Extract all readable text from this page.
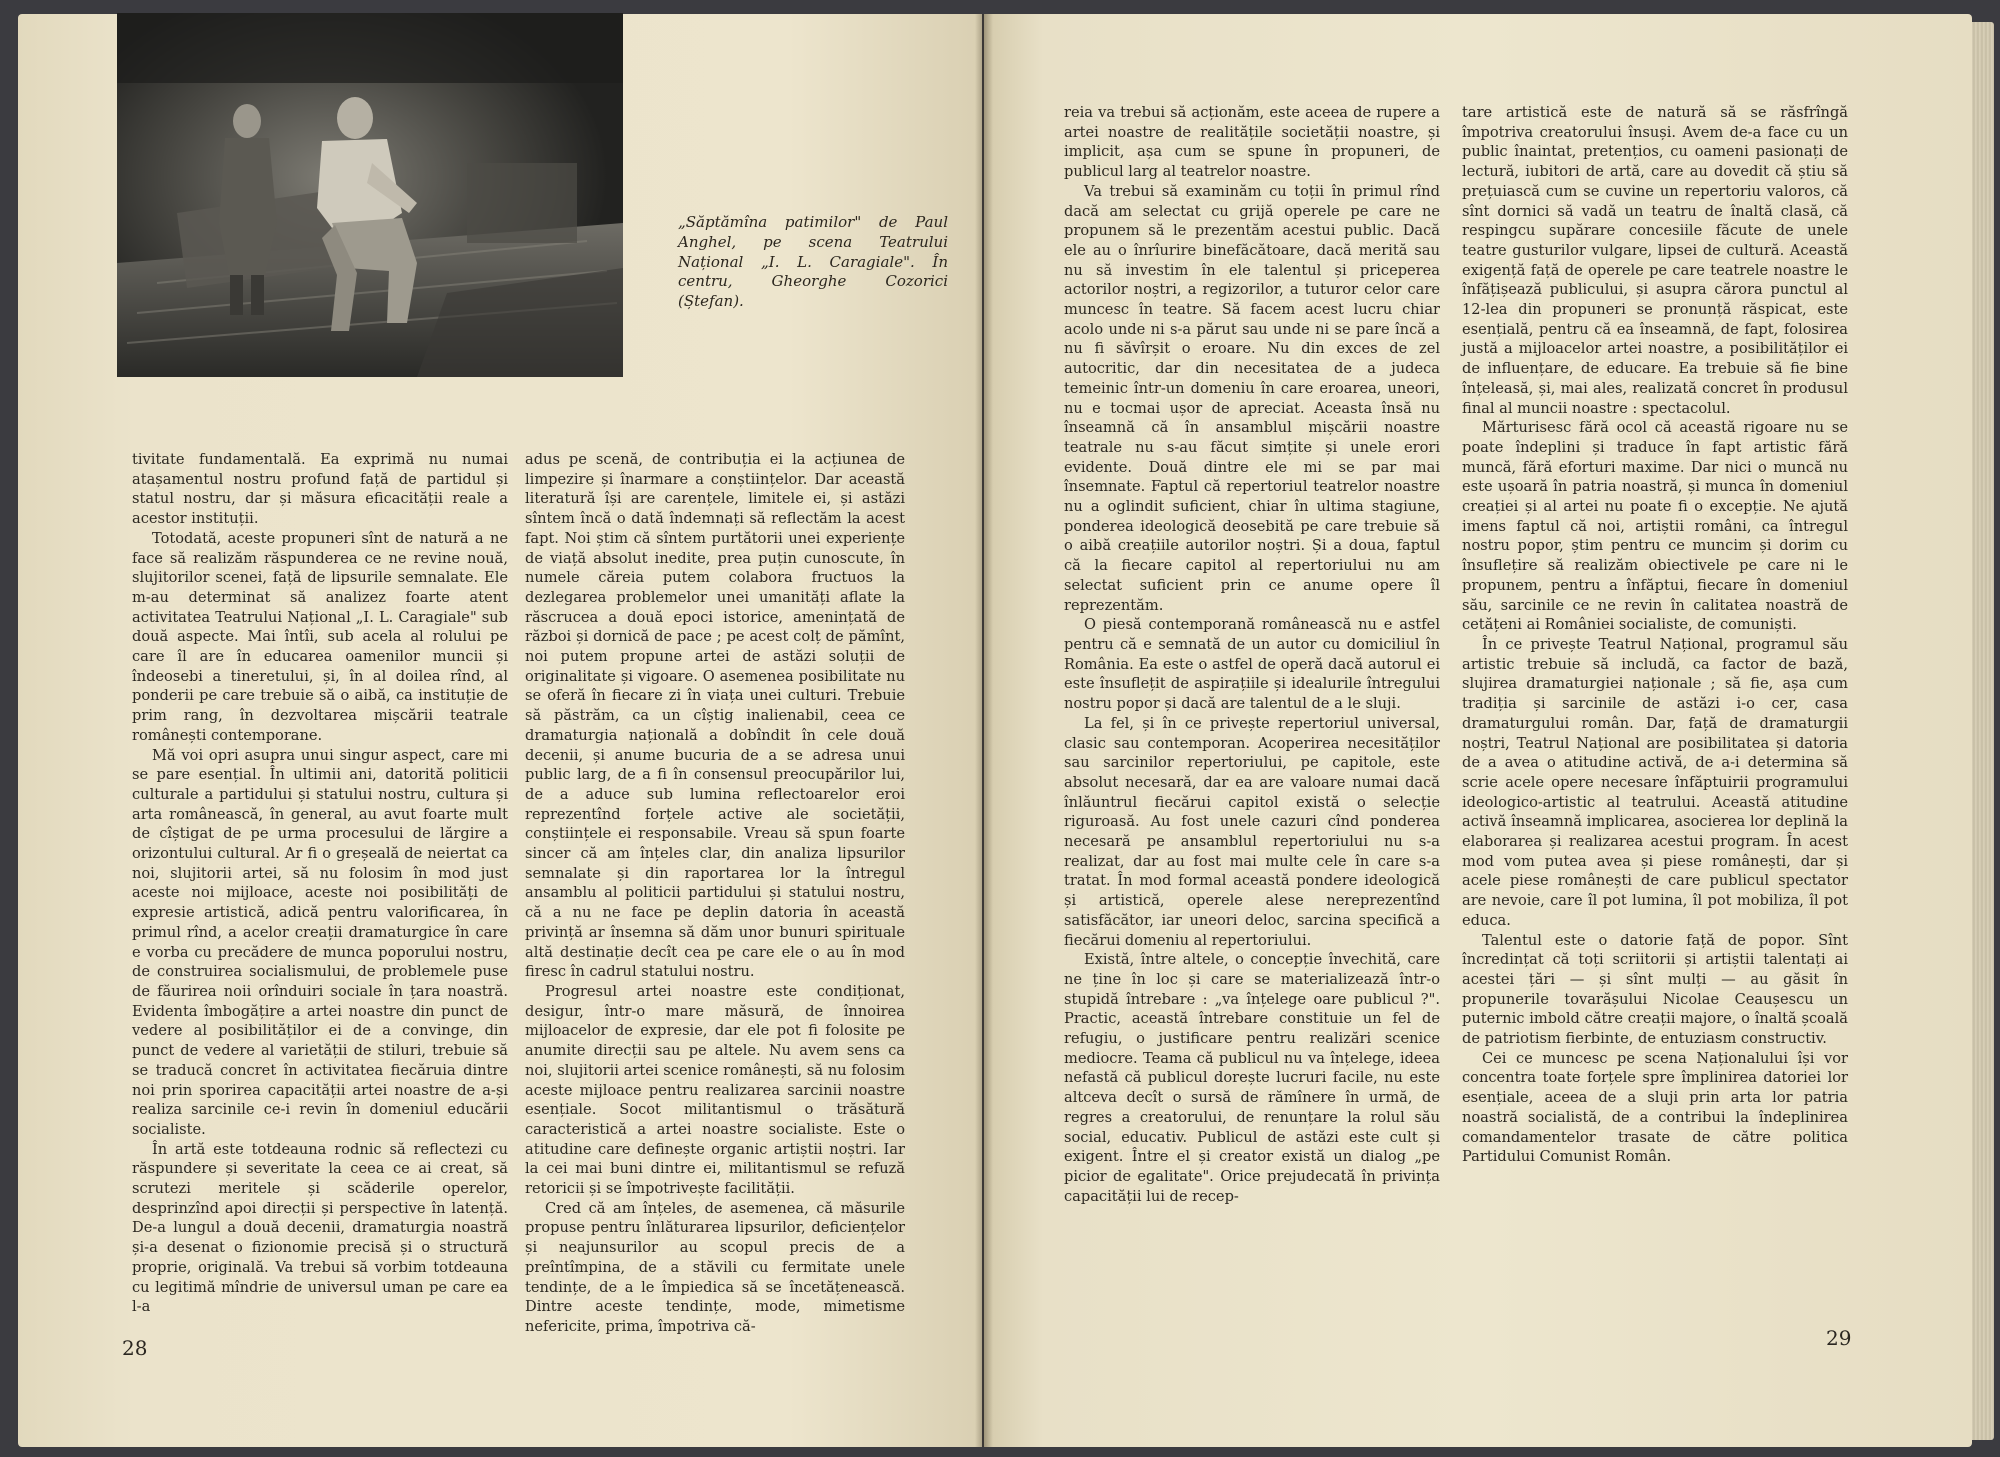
„Săptămîna patimilor" de Paul Anghel, pe scena Teatrului Național „I. L. Caragiale". În centru, Gheorghe Cozorici (Ștefan).

tivitate fundamentală. Ea exprimă nu numai atașamentul nostru profund față de partidul și statul nostru, dar și măsura eficacității reale a acestor instituții.

Totodată, aceste propuneri sînt de natură a ne face să realizăm răspunderea ce ne revine nouă, slujitorilor scenei, față de lipsurile semnalate. Ele m-au determinat să analizez foarte atent activitatea Teatrului Național „I. L. Caragiale" sub două aspecte. Mai întîi, sub acela al rolului pe care îl are în educarea oamenilor muncii și îndeosebi a tineretului, și, în al doilea rînd, al ponderii pe care trebuie să o aibă, ca instituție de prim rang, în dezvoltarea mișcării teatrale românești contemporane.

Mă voi opri asupra unui singur aspect, care mi se pare esențial. În ultimii ani, datorită politicii culturale a partidului și statului nostru, cultura și arta românească, în general, au avut foarte mult de cîștigat de pe urma procesului de lărgire a orizontului cultural. Ar fi o greșeală de neiertat ca noi, slujitorii artei, să nu folosim în mod just aceste noi mijloace, aceste noi posibilități de expresie artistică, adică pentru valorificarea, în primul rînd, a acelor creații dramaturgice în care e vorba cu precădere de munca poporului nostru, de construirea socialismului, de problemele puse de făurirea noii orînduiri sociale în țara noastră. Evidenta îmbogățire a artei noastre din punct de vedere al posibilităților ei de a convinge, din punct de vedere al varietății de stiluri, trebuie să se traducă concret în activitatea fiecăruia dintre noi prin sporirea capacității artei noastre de a-și realiza sarcinile ce-i revin în domeniul educării socialiste.

În artă este totdeauna rodnic să reflectezi cu răspundere și severitate la ceea ce ai creat, să scrutezi meritele și scăderile operelor, desprinzînd apoi direcții și perspective în latență. De-a lungul a două decenii, dramaturgia noastră și-a desenat o fizionomie precisă și o structură proprie, originală. Va trebui să vorbim totdeauna cu legitimă mîndrie de universul uman pe care ea l-a

adus pe scenă, de contribuția ei la acțiunea de limpezire și înarmare a conștiințelor. Dar această literatură își are carențele, limitele ei, și astăzi sîntem încă o dată îndemnați să reflectăm la acest fapt. Noi știm că sîntem purtătorii unei experiențe de viață absolut inedite, prea puțin cunoscute, în numele căreia putem colabora fructuos la dezlegarea problemelor unei umanități aflate la răscrucea a două epoci istorice, amenințată de război și dornică de pace ; pe acest colț de pămînt, noi putem propune artei de astăzi soluții de originalitate și vigoare. O asemenea posibilitate nu se oferă în fiecare zi în viața unei culturi. Trebuie să păstrăm, ca un cîștig inalienabil, ceea ce dramaturgia națională a dobîndit în cele două decenii, și anume bucuria de a se adresa unui public larg, de a fi în consensul preocupărilor lui, de a aduce sub lumina reflectoarelor eroi reprezentînd forțele active ale societății, conștiințele ei responsabile. Vreau să spun foarte sincer că am înțeles clar, din analiza lipsurilor semnalate și din raportarea lor la întregul ansamblu al politicii partidului și statului nostru, că a nu ne face pe deplin datoria în această privință ar însemna să dăm unor bunuri spirituale altă destinație decît cea pe care ele o au în mod firesc în cadrul statului nostru.

Progresul artei noastre este condiționat, desigur, într-o mare măsură, de înnoirea mijloacelor de expresie, dar ele pot fi folosite pe anumite direcții sau pe altele. Nu avem sens ca noi, slujitorii artei scenice românești, să nu folosim aceste mijloace pentru realizarea sarcinii noastre esențiale. Socot militantismul o trăsătură caracteristică a artei noastre socialiste. Este o atitudine care definește organic artiștii noștri. Iar la cei mai buni dintre ei, militantismul se refuză retoricii și se împotrivește facilității.

Cred că am înțeles, de asemenea, că măsurile propuse pentru înlăturarea lipsurilor, deficiențelor și neajunsurilor au scopul precis de a preîntîmpina, de a stăvili cu fermitate unele tendințe, de a le împiedica să se încetățenească. Dintre aceste tendințe, mode, mimetisme nefericite, prima, împotriva că-

28

reia va trebui să acționăm, este aceea de rupere a artei noastre de realitățile societății noastre, și implicit, așa cum se spune în propuneri, de publicul larg al teatrelor noastre.

Va trebui să examinăm cu toții în primul rînd dacă am selectat cu grijă operele pe care ne propunem să le prezentăm acestui public. Dacă ele au o înrîurire binefăcătoare, dacă merită sau nu să investim în ele talentul și priceperea actorilor noștri, a regizorilor, a tuturor celor care muncesc în teatre. Să facem acest lucru chiar acolo unde ni s-a părut sau unde ni se pare încă a nu fi săvîrșit o eroare. Nu din exces de zel autocritic, dar din necesitatea de a judeca temeinic într-un domeniu în care eroarea, uneori, nu e tocmai ușor de apreciat. Aceasta însă nu înseamnă că în ansamblul mișcării noastre teatrale nu s-au făcut simțite și unele erori evidente. Două dintre ele mi se par mai însemnate. Faptul că repertoriul teatrelor noastre nu a oglindit suficient, chiar în ultima stagiune, ponderea ideologică deosebită pe care trebuie să o aibă creațiile autorilor noștri. Și a doua, faptul că la fiecare capitol al repertoriului nu am selectat suficient prin ce anume opere îl reprezentăm.

O piesă contemporană românească nu e astfel pentru că e semnată de un autor cu domiciliul în România. Ea este o astfel de operă dacă autorul ei este însuflețit de aspirațiile și idealurile întregului nostru popor și dacă are talentul de a le sluji.

La fel, și în ce privește repertoriul universal, clasic sau contemporan. Acoperirea necesităților sau sarcinilor repertoriului, pe capitole, este absolut necesară, dar ea are valoare numai dacă înlăuntrul fiecărui capitol există o selecție riguroasă. Au fost unele cazuri cînd ponderea necesară pe ansamblul repertoriului nu s-a realizat, dar au fost mai multe cele în care s-a tratat. În mod formal această pondere ideologică și artistică, operele alese nereprezentînd satisfăcător, iar uneori deloc, sarcina specifică a fiecărui domeniu al repertoriului.

Există, între altele, o concepție învechită, care ne ține în loc și care se materializează într-o stupidă întrebare : „va înțelege oare publicul ?". Practic, această întrebare constituie un fel de refugiu, o justificare pentru realizări scenice mediocre. Teama că publicul nu va înțelege, ideea nefastă că publicul dorește lucruri facile, nu este altceva decît o sursă de rămînere în urmă, de regres a creatorului, de renunțare la rolul său social, educativ. Publicul de astăzi este cult și exigent. Între el și creator există un dialog „pe picior de egalitate". Orice prejudecată în privința capacității lui de recep-

tare artistică este de natură să se răsfrîngă împotriva creatorului însuși. Avem de-a face cu un public înaintat, pretențios, cu oameni pasionați de lectură, iubitori de artă, care au dovedit că știu să prețuiască cum se cuvine un repertoriu valoros, că sînt dornici să vadă un teatru de înaltă clasă, că respingcu supărare concesiile făcute de unele teatre gusturilor vulgare, lipsei de cultură. Această exigență față de operele pe care teatrele noastre le înfățișează publicului, și asupra cărora punctul al 12-lea din propuneri se pronunță răspicat, este esențială, pentru că ea înseamnă, de fapt, folosirea justă a mijloacelor artei noastre, a posibilităților ei de influențare, de educare. Ea trebuie să fie bine înțeleasă, și, mai ales, realizată concret în produsul final al muncii noastre : spectacolul.

Mărturisesc fără ocol că această rigoare nu se poate îndeplini și traduce în fapt artistic fără muncă, fără eforturi maxime. Dar nici o muncă nu este ușoară în patria noastră, și munca în domeniul creației și al artei nu poate fi o excepție. Ne ajută imens faptul că noi, artiștii români, ca întregul nostru popor, știm pentru ce muncim și dorim cu însuflețire să realizăm obiectivele pe care ni le propunem, pentru a înfăptui, fiecare în domeniul său, sarcinile ce ne revin în calitatea noastră de cetățeni ai României socialiste, de comuniști.

În ce privește Teatrul Național, programul său artistic trebuie să includă, ca factor de bază, slujirea dramaturgiei naționale ; să fie, așa cum tradiția și sarcinile de astăzi i-o cer, casa dramaturgului român. Dar, față de dramaturgii noștri, Teatrul Național are posibilitatea și datoria de a avea o atitudine activă, de a-i determina să scrie acele opere necesare înfăptuirii programului ideologico-artistic al teatrului. Această atitudine activă înseamnă implicarea, asocierea lor deplină la elaborarea și realizarea acestui program. În acest mod vom putea avea și piese românești, dar și acele piese românești de care publicul spectator are nevoie, care îl pot lumina, îl pot mobiliza, îl pot educa.

Talentul este o datorie față de popor. Sînt încredințat că toți scriitorii și artiștii talentați ai acestei țări — și sînt mulți — au găsit în propunerile tovarășului Nicolae Ceaușescu un puternic imbold către creații majore, o înaltă școală de patriotism fierbinte, de entuziasm constructiv.

Cei ce muncesc pe scena Naționalului își vor concentra toate forțele spre împlinirea datoriei lor esențiale, aceea de a sluji prin arta lor patria noastră socialistă, de a contribui la îndeplinirea comandamentelor trasate de către politica Partidului Comunist Român.

29
